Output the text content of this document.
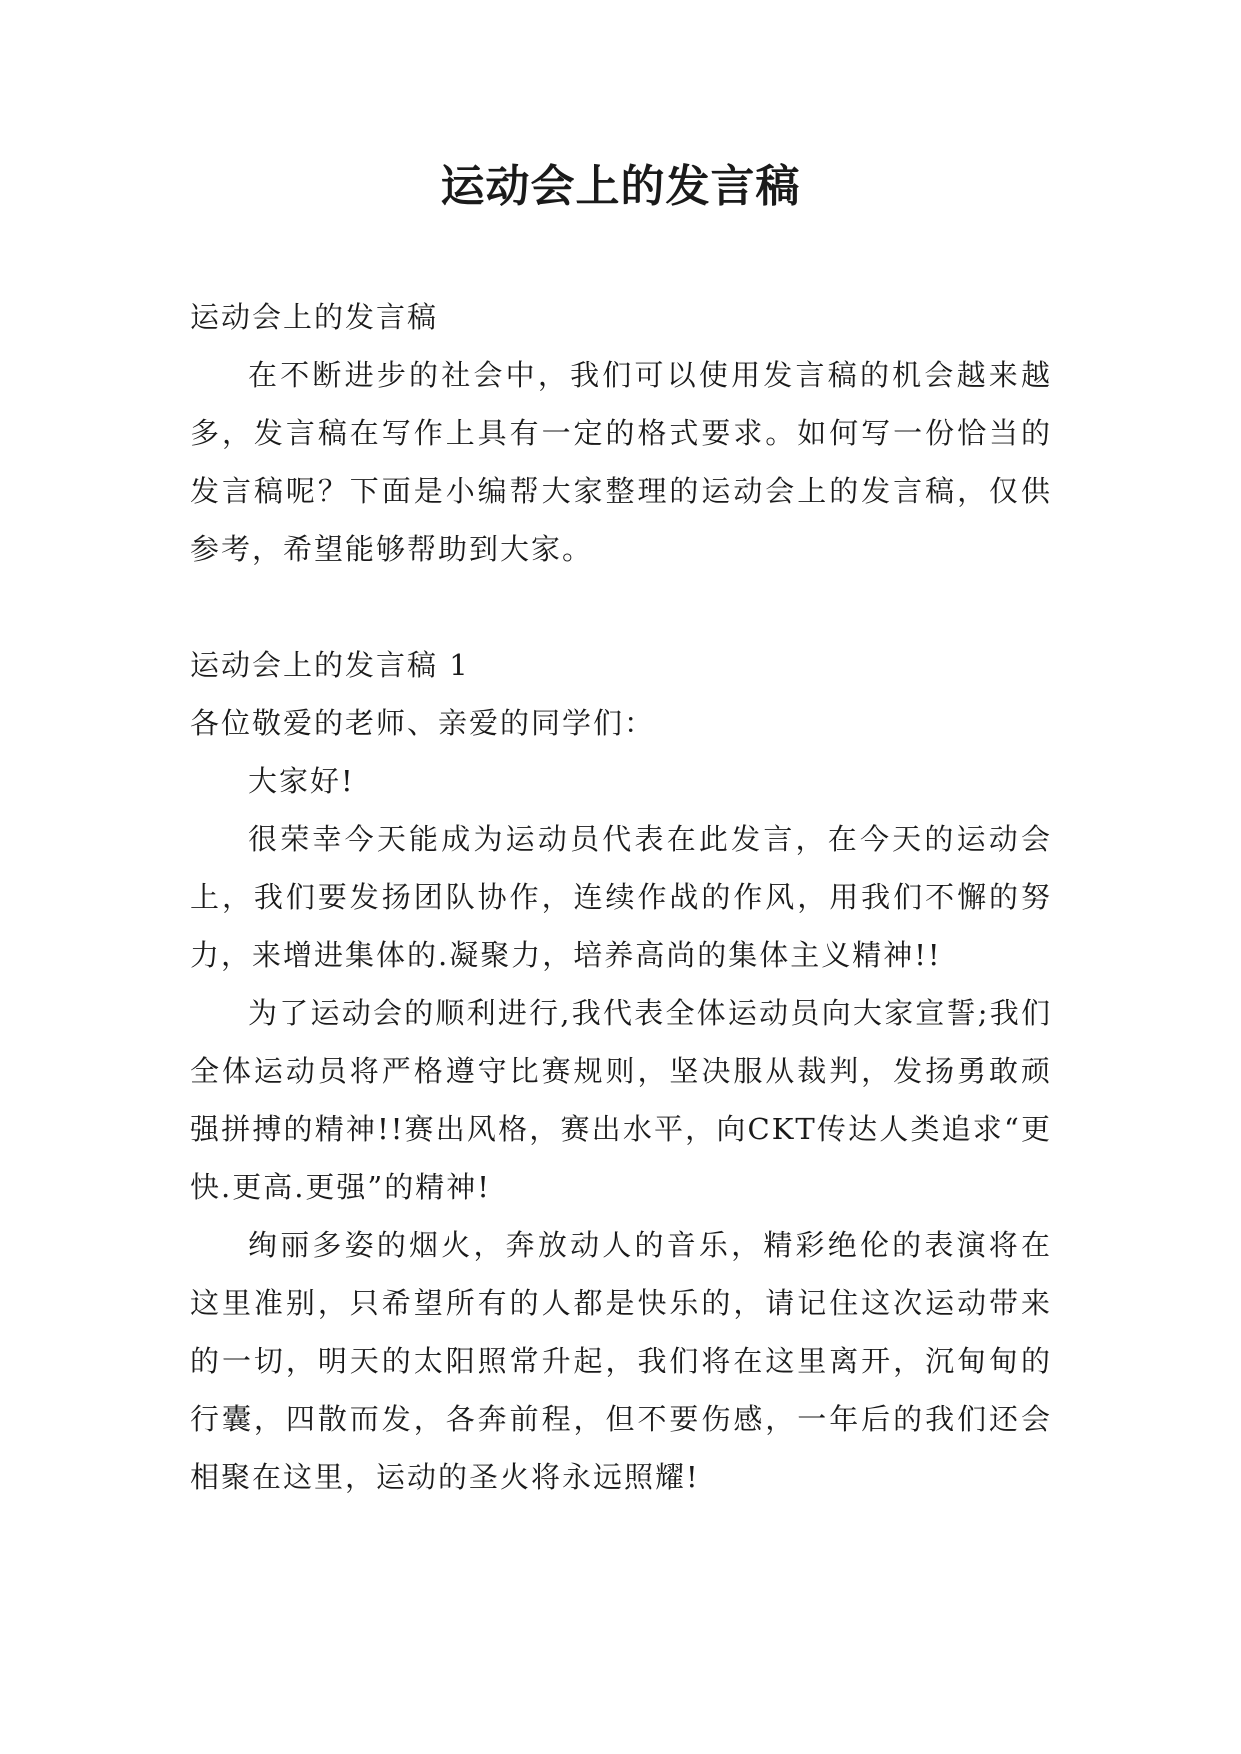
运动会上的发言稿

运动会上的发言稿

在不断进步的社会中，我们可以使用发言稿的机会越来越多，发言稿在写作上具有一定的格式要求。如何写一份恰当的发言稿呢？下面是小编帮大家整理的运动会上的发言稿，仅供参考，希望能够帮助到大家。

运动会上的发言稿 1

各位敬爱的老师、亲爱的同学们：

大家好!

很荣幸今天能成为运动员代表在此发言，在今天的运动会上，我们要发扬团队协作，连续作战的作风，用我们不懈的努力，来增进集体的.凝聚力，培养高尚的集体主义精神!!

为了运动会的顺利进行,我代表全体运动员向大家宣誓;我们全体运动员将严格遵守比赛规则，坚决服从裁判，发扬勇敢顽强拼搏的精神!!赛出风格，赛出水平，向CKT传达人类追求“更快.更高.更强”的精神!

绚丽多姿的烟火，奔放动人的音乐，精彩绝伦的表演将在这里准别，只希望所有的人都是快乐的，请记住这次运动带来的一切，明天的太阳照常升起，我们将在这里离开，沉甸甸的行囊，四散而发，各奔前程，但不要伤感，一年后的我们还会相聚在这里，运动的圣火将永远照耀!
